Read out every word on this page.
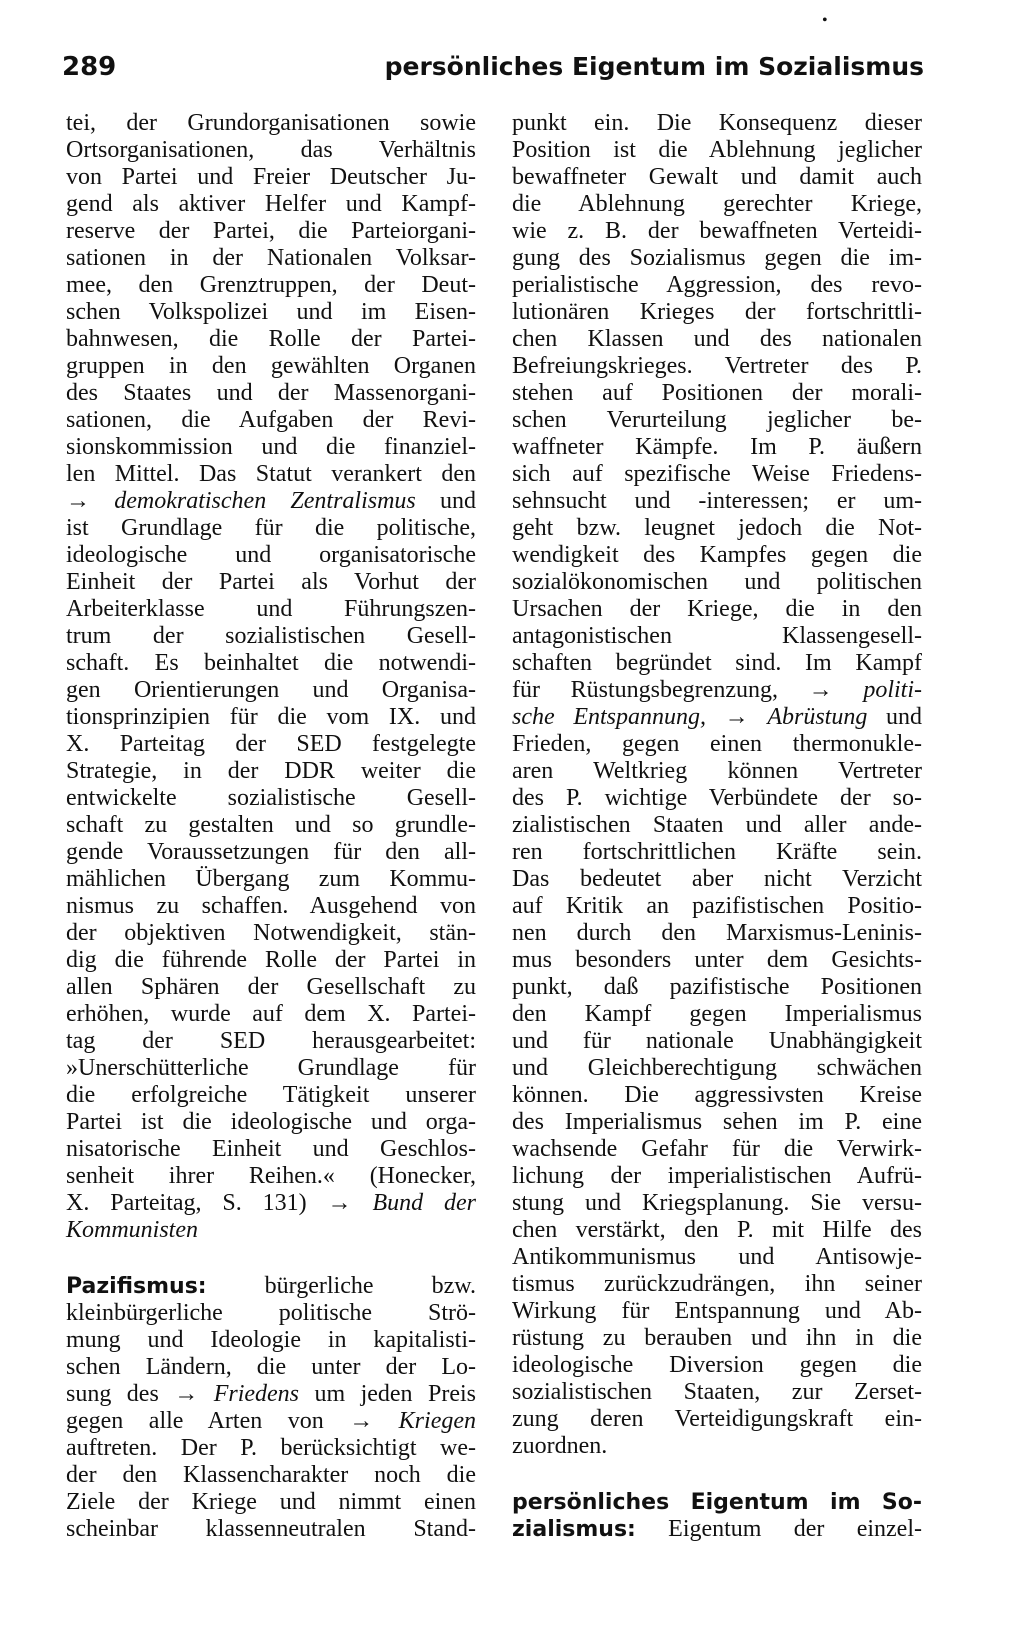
289	persönliches Eigentum im Sozialismus
•
tei, der Grundorganisationen sowie
Ortsorganisationen, das Verhältnis
von Partei und Freier Deutscher Ju-
gend als aktiver Helfer und Kampf-
reserve der Partei, die Parteiorgani-
sationen in der Nationalen Volksar-
mee, den Grenztruppen, der Deut-
schen Volkspolizei und im Eisen-
bahnwesen, die Rolle der Partei-
gruppen in den gewählten Organen
des Staates und der Massenorgani-
sationen, die Aufgaben der Revi-
sionskommission und die finanziel-
len Mittel. Das Statut verankert den
→ demokratischen Zentralismus und
ist Grundlage für die politische,
ideologische und organisatorische
Einheit der Partei als Vorhut der
Arbeiterklasse und Führungszen-
trum der sozialistischen Gesell-
schaft. Es beinhaltet die notwendi-
gen Orientierungen und Organisa-
tionsprinzipien für die vom IX. und
X. Parteitag der SED festgelegte
Strategie, in der DDR weiter die
entwickelte sozialistische Gesell-
schaft zu gestalten und so grundle-
gende Voraussetzungen für den all-
mählichen Übergang zum Kommu-
nismus zu schaffen. Ausgehend von
der objektiven Notwendigkeit, stän-
dig die führende Rolle der Partei in
allen Sphären der Gesellschaft zu
erhöhen, wurde auf dem X. Partei-
tag der SED herausgearbeitet:
»Unerschütterliche Grundlage für
die erfolgreiche Tätigkeit unserer
Partei ist die ideologische und orga-
nisatorische Einheit und Geschlos-
senheit ihrer Reihen.« (Honecker,
X. Parteitag, S. 131) → Bund der
Kommunisten
Pazifismus: bürgerliche bzw.
kleinbürgerliche politische Strö-
mung und Ideologie in kapitalisti-
schen Ländern, die unter der Lo-
sung des → Friedens um jeden Preis
gegen alle Arten von → Kriegen
auftreten. Der P. berücksichtigt we-
der den Klassencharakter noch die
Ziele der Kriege und nimmt einen
scheinbar klassenneutralen Stand-
punkt ein. Die Konsequenz dieser
Position ist die Ablehnung jeglicher
bewaffneter Gewalt und damit auch
die Ablehnung gerechter Kriege,
wie z. B. der bewaffneten Verteidi-
gung des Sozialismus gegen die im-
perialistische Aggression, des revo-
lutionären Krieges der fortschrittli-
chen Klassen und des nationalen
Befreiungskrieges. Vertreter des P.
stehen auf Positionen der morali-
schen Verurteilung jeglicher be-
waffneter Kämpfe. Im P. äußern
sich auf spezifische Weise Friedens-
sehnsucht und -interessen; er um-
geht bzw. leugnet jedoch die Not-
wendigkeit des Kampfes gegen die
sozialökonomischen und politischen
Ursachen der Kriege, die in den
antagonistischen Klassengesell-
schaften begründet sind. Im Kampf
für Rüstungsbegrenzung, → politi-
sche Entspannung, → Abrüstung und
Frieden, gegen einen thermonukle-
aren Weltkrieg können Vertreter
des P. wichtige Verbündete der so-
zialistischen Staaten und aller ande-
ren fortschrittlichen Kräfte sein.
Das bedeutet aber nicht Verzicht
auf Kritik an pazifistischen Positio-
nen durch den Marxismus-Leninis-
mus besonders unter dem Gesichts-
punkt, daß pazifistische Positionen
den Kampf gegen Imperialismus
und für nationale Unabhängigkeit
und Gleichberechtigung schwächen
können. Die aggressivsten Kreise
des Imperialismus sehen im P. eine
wachsende Gefahr für die Verwirk-
lichung der imperialistischen Aufrü-
stung und Kriegsplanung. Sie versu-
chen verstärkt, den P. mit Hilfe des
Antikommunismus und Antisowje-
tismus zurückzudrängen, ihn seiner
Wirkung für Entspannung und Ab-
rüstung zu berauben und ihn in die
ideologische Diversion gegen die
sozialistischen Staaten, zur Zerset-
zung deren Verteidigungskraft ein-
zuordnen.
persönliches Eigentum im So-
zialismus: Eigentum der einzel-
